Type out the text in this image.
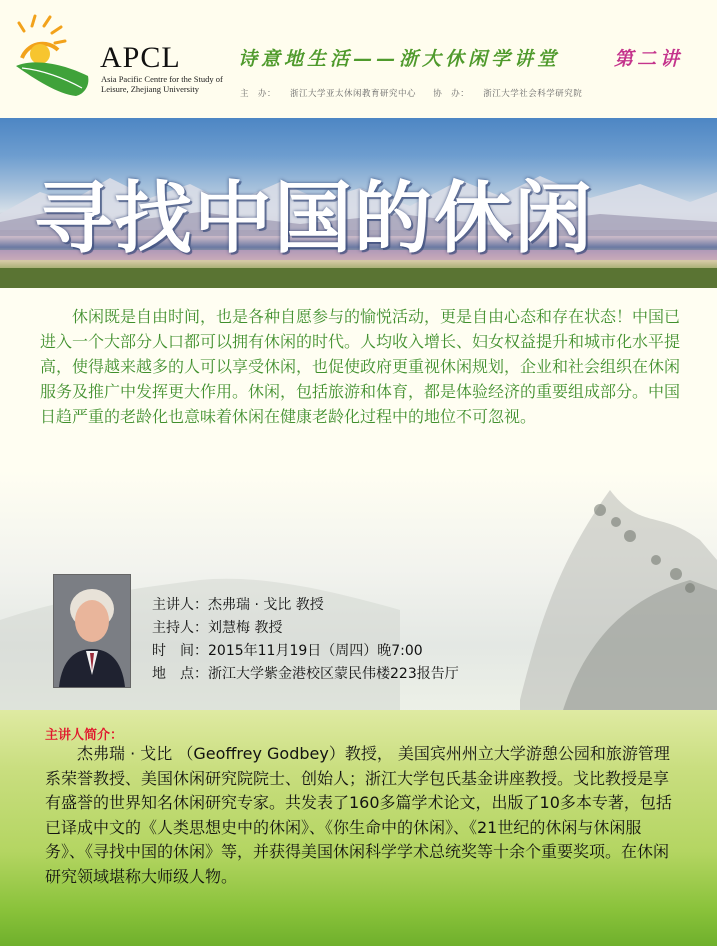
APCL
Asia Pacific Centre for the Study of
Leisure, Zhejiang University
诗意地生活——浙大休闲学讲堂	第二讲
主　办： 浙江大学亚太休闲教育研究中心 协　办： 浙江大学社会科学研究院
寻找中国的休闲
休闲既是自由时间，也是各种自愿参与的愉悦活动，更是自由心态和存在状态！中国已进入一个大部分人口都可以拥有休闲的时代。人均收入增长、妇女权益提升和城市化水平提高，使得越来越多的人可以享受休闲，也促使政府更重视休闲规划，企业和社会组织在休闲服务及推广中发挥更大作用。休闲，包括旅游和体育，都是体验经济的重要组成部分。中国日趋严重的老龄化也意味着休闲在健康老龄化过程中的地位不可忽视。
主讲人：杰弗瑞 · 戈比 教授
主持人：刘慧梅 教授
时　间：2015年11月19日（周四）晚7:00
地　点：浙江大学紫金港校区蒙民伟楼223报告厅
主讲人简介：
杰弗瑞 · 戈比 （Geoffrey Godbey）教授， 美国宾州州立大学游憩公园和旅游管理系荣誉教授、美国休闲研究院院士、创始人；浙江大学包氏基金讲座教授。戈比教授是享有盛誉的世界知名休闲研究专家。共发表了160多篇学术论文，出版了10多本专著，包括已译成中文的《人类思想史中的休闲》、《你生命中的休闲》、《21世纪的休闲与休闲服务》、《寻找中国的休闲》等，并获得美国休闲科学学术总统奖等十余个重要奖项。在休闲研究领域堪称大师级人物。
